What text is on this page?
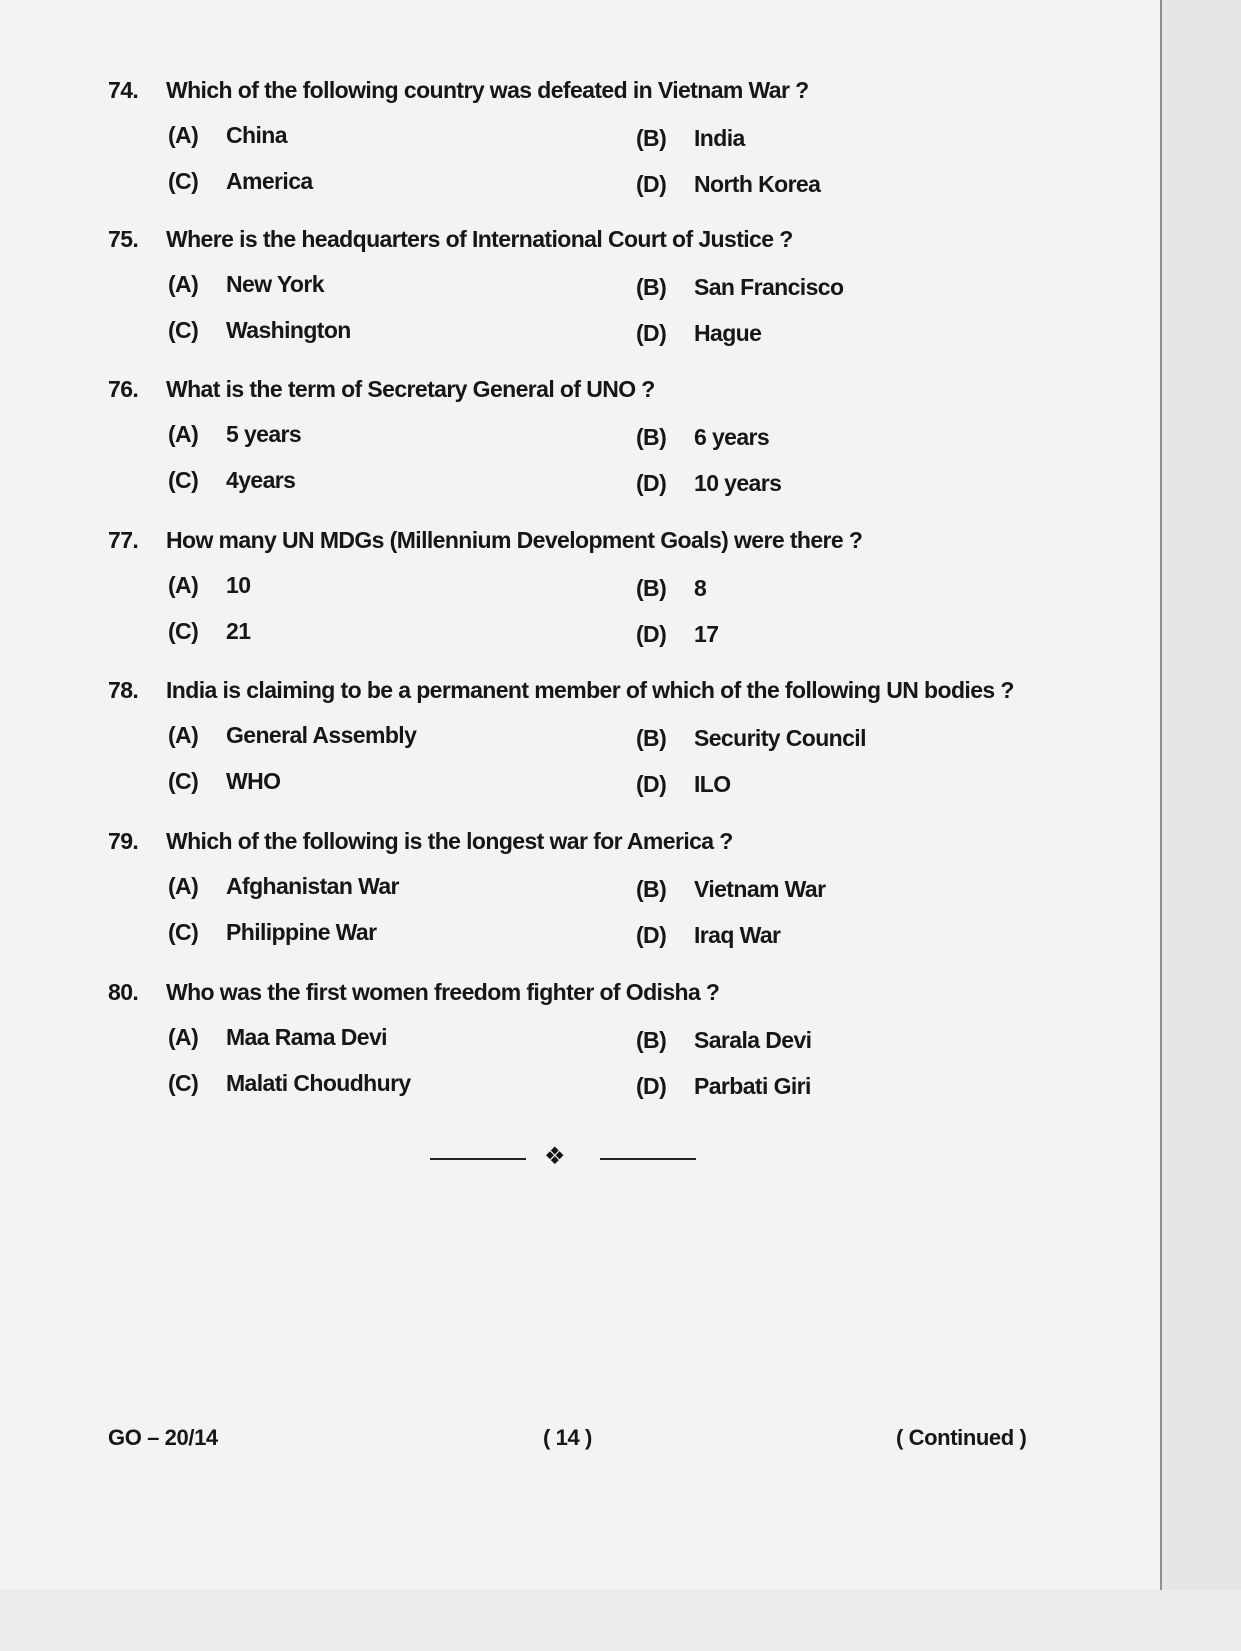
74. Which of the following country was defeated in Vietnam War ?
(A) China	(B) India
(C) America	(D) North Korea
75. Where is the headquarters of International Court of Justice ?
(A) New York	(B) San Francisco
(C) Washington	(D) Hague
76. What is the term of Secretary General of UNO ?
(A) 5 years	(B) 6 years
(C) 4years	(D) 10 years
77. How many UN MDGs (Millennium Development Goals) were there ?
(A) 10	(B) 8
(C) 21	(D) 17
78. India is claiming to be a permanent member of which of the following UN bodies ?
(A) General Assembly	(B) Security Council
(C) WHO	(D) ILO
79. Which of the following is the longest war for America ?
(A) Afghanistan War	(B) Vietnam War
(C) Philippine War	(D) Iraq War
80. Who was the first women freedom fighter of Odisha ?
(A) Maa Rama Devi	(B) Sarala Devi
(C) Malati Choudhury	(D) Parbati Giri
❖
GO – 20/14	( 14 )	( Continued )
